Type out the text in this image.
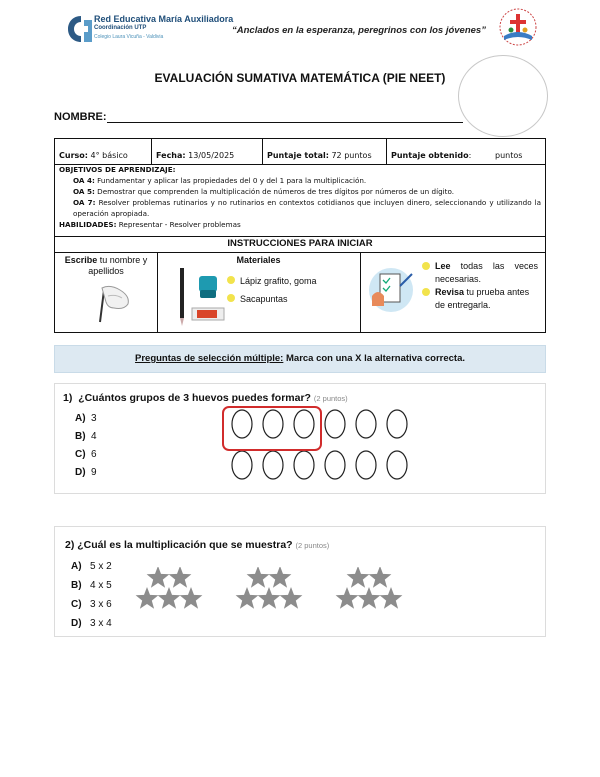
Red Educativa María Auxiliadora
Coordinación UTP
Colegio Laura Vicuña - Valdivia
“Anclados en la esperanza, peregrinos con los jóvenes”
EVALUACIÓN SUMATIVA MATEMÁTICA (PIE NEET)
NOMBRE:
Curso: 4° básico	Fecha: 13/05/2025	Puntaje total: 72 puntos	Puntaje obtenido:	puntos

OBJETIVOS DE APRENDIZAJE:

OA 4: Fundamentar y aplicar las propiedades del 0 y del 1 para la multiplicación.

OA 5: Demostrar que comprenden la multiplicación de números de tres dígitos por números de un dígito.

OA 7: Resolver problemas rutinarios y no rutinarios en contextos cotidianos que incluyen dinero, seleccionando y utilizando la operación apropiada.

HABILIDADES: Representar - Resolver problemas

INSTRUCCIONES PARA INICIAR
Escribe tu nombre y apellidos
Materiales
Lápiz grafito, goma
Sacapuntas
Lee todas las veces necesarias.
Revisa tu prueba antes de entregarla.
Preguntas de selección múltiple: Marca con una X la alternativa correcta.
1) ¿Cuántos grupos de 3 huevos puedes formar? (2 puntos)
A) 3
B) 4
C) 6
D) 9
2) ¿Cuál es la multiplicación que se muestra? (2 puntos)
A) 5 x 2
B) 4 x 5
C) 3 x 6
D) 3 x 4
